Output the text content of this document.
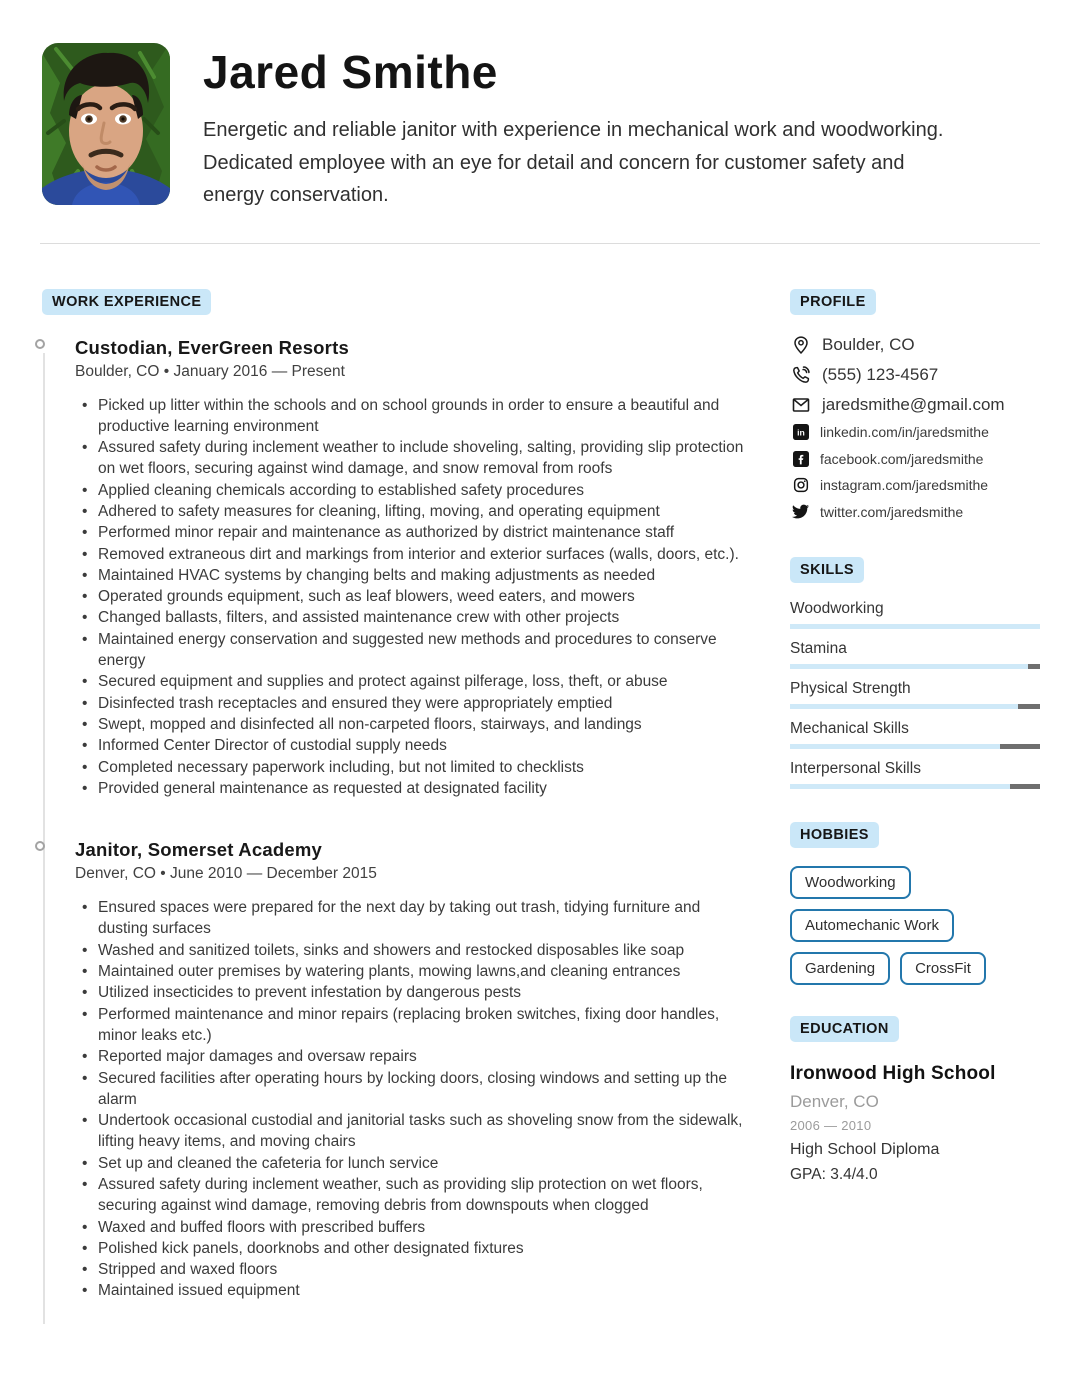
Jared Smithe
Energetic and reliable janitor with experience in mechanical work and woodworking. Dedicated employee with an eye for detail and concern for customer safety and energy conservation.
WORK EXPERIENCE
Custodian, EverGreen Resorts
Boulder, CO • January 2016 — Present
• Picked up litter within the schools and on school grounds in order to ensure a beautiful and productive learning environment
• Assured safety during inclement weather to include shoveling, salting, providing slip protection on wet floors, securing against wind damage, and snow removal from roofs
• Applied cleaning chemicals according to established safety procedures
• Adhered to safety measures for cleaning, lifting, moving, and operating equipment
• Performed minor repair and maintenance as authorized by district maintenance staff
• Removed extraneous dirt and markings from interior and exterior surfaces (walls, doors, etc.).
• Maintained HVAC systems by changing belts and making adjustments as needed
• Operated grounds equipment, such as leaf blowers, weed eaters, and mowers
• Changed ballasts, filters, and assisted maintenance crew with other projects
• Maintained energy conservation and suggested new methods and procedures to conserve energy
• Secured equipment and supplies and protect against pilferage, loss, theft, or abuse
• Disinfected trash receptacles and ensured they were appropriately emptied
• Swept, mopped and disinfected all non-carpeted floors, stairways, and landings
• Informed Center Director of custodial supply needs
• Completed necessary paperwork including, but not limited to checklists
• Provided general maintenance as requested at designated facility
Janitor, Somerset Academy
Denver, CO • June 2010 — December 2015
• Ensured spaces were prepared for the next day by taking out trash, tidying furniture and dusting surfaces
• Washed and sanitized toilets, sinks and showers and restocked disposables like soap
• Maintained outer premises by watering plants, mowing lawns,and cleaning entrances
• Utilized insecticides to prevent infestation by dangerous pests
• Performed maintenance and minor repairs (replacing broken switches, fixing door handles, minor leaks etc.)
• Reported major damages and oversaw repairs
• Secured facilities after operating hours by locking doors, closing windows and setting up the alarm
• Undertook occasional custodial and janitorial tasks such as shoveling snow from the sidewalk, lifting heavy items, and moving chairs
• Set up and cleaned the cafeteria for lunch service
• Assured safety during inclement weather, such as providing slip protection on wet floors, securing against wind damage, removing debris from downspouts when clogged
• Waxed and buffed floors with prescribed buffers
• Polished kick panels, doorknobs and other designated fixtures
• Stripped and waxed floors
• Maintained issued equipment
PROFILE
Boulder, CO
(555) 123-4567
jaredsmithe@gmail.com
in linkedin.com/in/jaredsmithe
facebook.com/jaredsmithe
instagram.com/jaredsmithe
twitter.com/jaredsmithe
SKILLS
Woodworking
Stamina
Physical Strength
Mechanical Skills
Interpersonal Skills
HOBBIES
Woodworking
Automechanic Work
Gardening	CrossFit
EDUCATION
Ironwood High School
Denver, CO
2006 — 2010
High School Diploma
GPA: 3.4/4.0
